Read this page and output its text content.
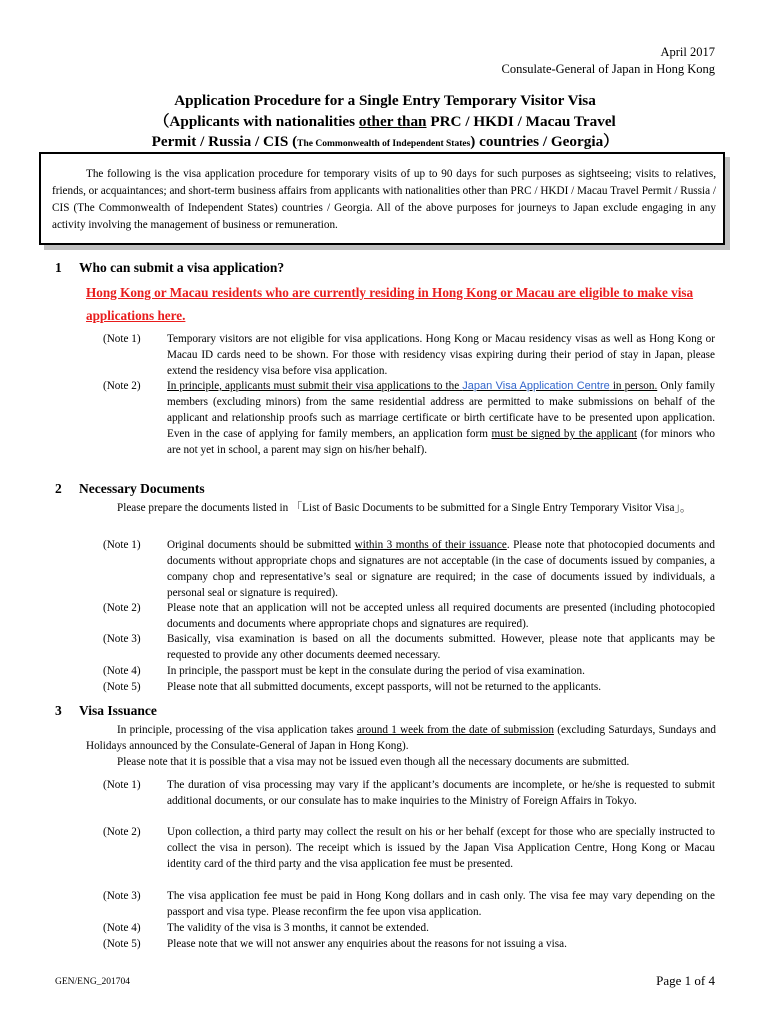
April 2017
Consulate-General of Japan in Hong Kong
Application Procedure for a Single Entry Temporary Visitor Visa
（Applicants with nationalities other than PRC / HKDI / Macau Travel
Permit / Russia / CIS (The Commonwealth of Independent States) countries / Georgia）
The following is the visa application procedure for temporary visits of up to 90 days for such purposes as sightseeing; visits to relatives, friends, or acquaintances; and short-term business affairs from applicants with nationalities other than PRC / HKDI / Macau Travel Permit / Russia / CIS (The Commonwealth of Independent States) countries / Georgia. All of the above purposes for journeys to Japan exclude engaging in any activity involving the management of business or remuneration.
1 Who can submit a visa application?
Hong Kong or Macau residents who are currently residing in Hong Kong or Macau are eligible to make visa applications here.
(Note 1)	Temporary visitors are not eligible for visa applications. Hong Kong or Macau residency visas as well as Hong Kong or Macau ID cards need to be shown. For those with residency visas expiring during their period of stay in Japan, please extend the residency visa before visa application.
(Note 2)	In principle, applicants must submit their visa applications to the Japan Visa Application Centre in person. Only family members (excluding minors) from the same residential address are permitted to make submissions on behalf of the applicant and relationship proofs such as marriage certificate or birth certificate have to be presented upon application. Even in the case of applying for family members, an application form must be signed by the applicant (for minors who are not yet in school, a parent may sign on his/her behalf).
2 Necessary Documents
Please prepare the documents listed in 「List of Basic Documents to be submitted for a Single Entry Temporary Visitor Visa」。
(Note 1)	Original documents should be submitted within 3 months of their issuance. Please note that photocopied documents and documents without appropriate chops and signatures are not acceptable (in the case of documents issued by companies, a company chop and representative’s seal or signature are required; in the case of documents issued by individuals, a personal seal or signature is required).
(Note 2)	Please note that an application will not be accepted unless all required documents are presented (including photocopied documents and documents where appropriate chops and signatures are required).
(Note 3)	Basically, visa examination is based on all the documents submitted. However, please note that applicants may be requested to provide any other documents deemed necessary.
(Note 4)	In principle, the passport must be kept in the consulate during the period of visa examination.
(Note 5)	Please note that all submitted documents, except passports, will not be returned to the applicants.
3 Visa Issuance
In principle, processing of the visa application takes around 1 week from the date of submission (excluding Saturdays, Sundays and Holidays announced by the Consulate-General of Japan in Hong Kong).
Please note that it is possible that a visa may not be issued even though all the necessary documents are submitted.
(Note 1)	The duration of visa processing may vary if the applicant’s documents are incomplete, or he/she is requested to submit additional documents, or our consulate has to make inquiries to the Ministry of Foreign Affairs in Tokyo.
(Note 2)	Upon collection, a third party may collect the result on his or her behalf (except for those who are specially instructed to collect the visa in person). The receipt which is issued by the Japan Visa Application Centre, Hong Kong or Macau identity card of the third party and the visa application fee must be presented.
(Note 3)	The visa application fee must be paid in Hong Kong dollars and in cash only. The visa fee may vary depending on the passport and visa type. Please reconfirm the fee upon visa application.
(Note 4)	The validity of the visa is 3 months, it cannot be extended.
(Note 5)	Please note that we will not answer any enquiries about the reasons for not issuing a visa.
GEN/ENG_201704	Page 1 of 4
